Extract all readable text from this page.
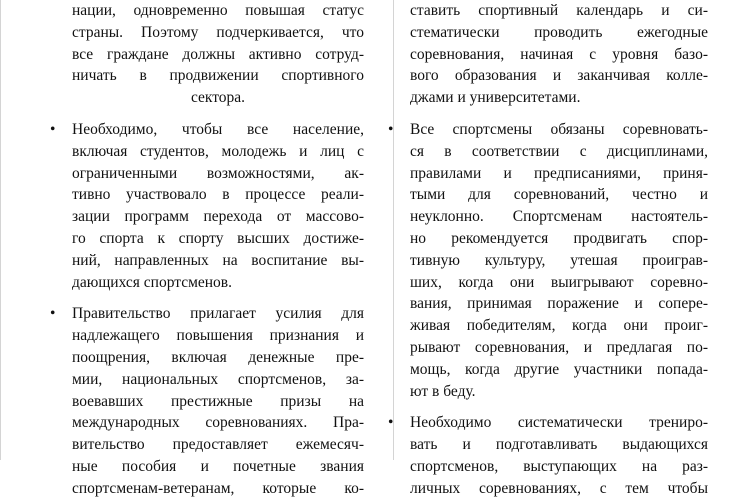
нации, одновременно повышая статус
страны. Поэтому подчеркивается, что
все граждане должны активно сотруд-
ничать в продвижении спортивного
сектора.
• Необходимо, чтобы все население,
включая студентов, молодежь и лиц с
ограниченными возможностями, ак-
тивно участвовало в процессе реали-
зации программ перехода от массово-
го спорта к спорту высших достиже-
ний, направленных на воспитание вы-
дающихся спортсменов.
• Правительство прилагает усилия для
надлежащего повышения признания и
поощрения, включая денежные пре-
мии, национальных спортсменов, за-
воевавших престижные призы на
международных соревнованиях. Пра-
вительство предоставляет ежемесяч-
ные пособия и почетные звания
спортсменам-ветеранам, которые ко-
ставить спортивный календарь и си-
стематически проводить ежегодные
соревнования, начиная с уровня базо-
вого образования и заканчивая колле-
джами и университетами.
• Все спортсмены обязаны соревновать-
ся в соответствии с дисциплинами,
правилами и предписаниями, приня-
тыми для соревнований, честно и
неуклонно. Спортсменам настоятель-
но рекомендуется продвигать спор-
тивную культуру, утешая проиграв-
ших, когда они выигрывают соревно-
вания, принимая поражение и сопере-
живая победителям, когда они проиг-
рывают соревнования, и предлагая по-
мощь, когда другие участники попада-
ют в беду.
• Необходимо систематически трениро-
вать и подготавливать выдающихся
спортсменов, выступающих на раз-
личных соревнованиях, с тем чтобы
